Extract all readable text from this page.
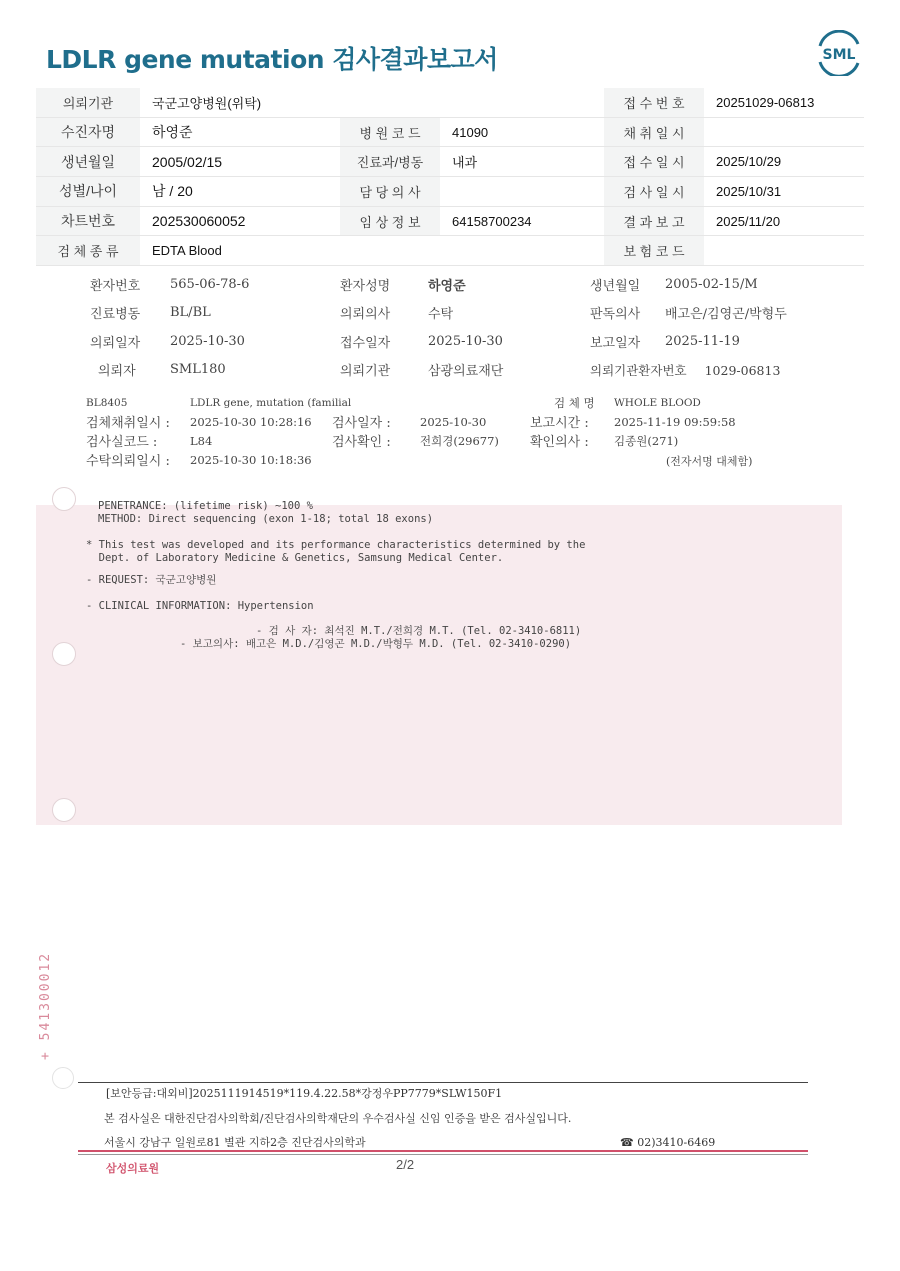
LDLR gene mutation 검사결과보고서	SML
의뢰기관	국군고양병원(위탁)			접 수 번 호	20251029-06813
수진자명	하영준	병 원 코 드	41090	채 취 일 시	
생년월일	2005/02/15	진료과/병동	내과	접 수 일 시	2025/10/29
성별/나이	남 / 20	담 당 의 사		검 사 일 시	2025/10/31
차트번호	202530060052	임 상 정 보	64158700234	결 과 보 고	2025/11/20
검 체 종 류	EDTA Blood			보 험 코 드	
환자번호	565-06-78-6	환자성명	하영준	생년월일	2005-02-15/M
진료병동	BL/BL	의뢰의사	수탁	판독의사	배고은/김영곤/박형두
의뢰일자	2025-10-30	접수일자	2025-10-30	보고일자	2025-11-19
의뢰자	SML180	의뢰기관	삼광의료재단	의뢰기관환자번호 1029-06813	
BL8405	LDLR gene, mutation (familial			검 체 명	WHOLE BLOOD
검체채취일시 :	2025-10-30 10:28:16	검사일자 :	2025-10-30	보고시간 :	2025-11-19 09:59:58
검사실코드 :	L84	검사확인 :	전희경(29677)	확인의사 :	김종원(271)
수탁의뢰일시 :	2025-10-30 10:18:36					(전자서명 대체함)
PENETRANCE: (lifetime risk) ~100 %
METHOD: Direct sequencing (exon 1-18; total 18 exons)
* This test was developed and its performance characteristics determined by the
Dept. of Laboratory Medicine & Genetics, Samsung Medical Center.
- REQUEST: 국군고양병원
- CLINICAL INFORMATION: Hypertension
- 검 사 자: 최석진 M.T./전희경 M.T. (Tel. 02-3410-6811)
- 보고의사: 배고은 M.D./김영곤 M.D./박형두 M.D. (Tel. 02-3410-0290)
+ 541300012
[보안등급:대외비]2025111914519*119.4.22.58*강정우PP7779*SLW150F1
본 검사실은 대한진단검사의학회/진단검사의학재단의 우수검사실 신임 인증을 받은 검사실입니다.
서울시 강남구 일원로81 별관 지하2층 진단검사의학과	☎ 02)3410-6469
삼성의료원	2/2
